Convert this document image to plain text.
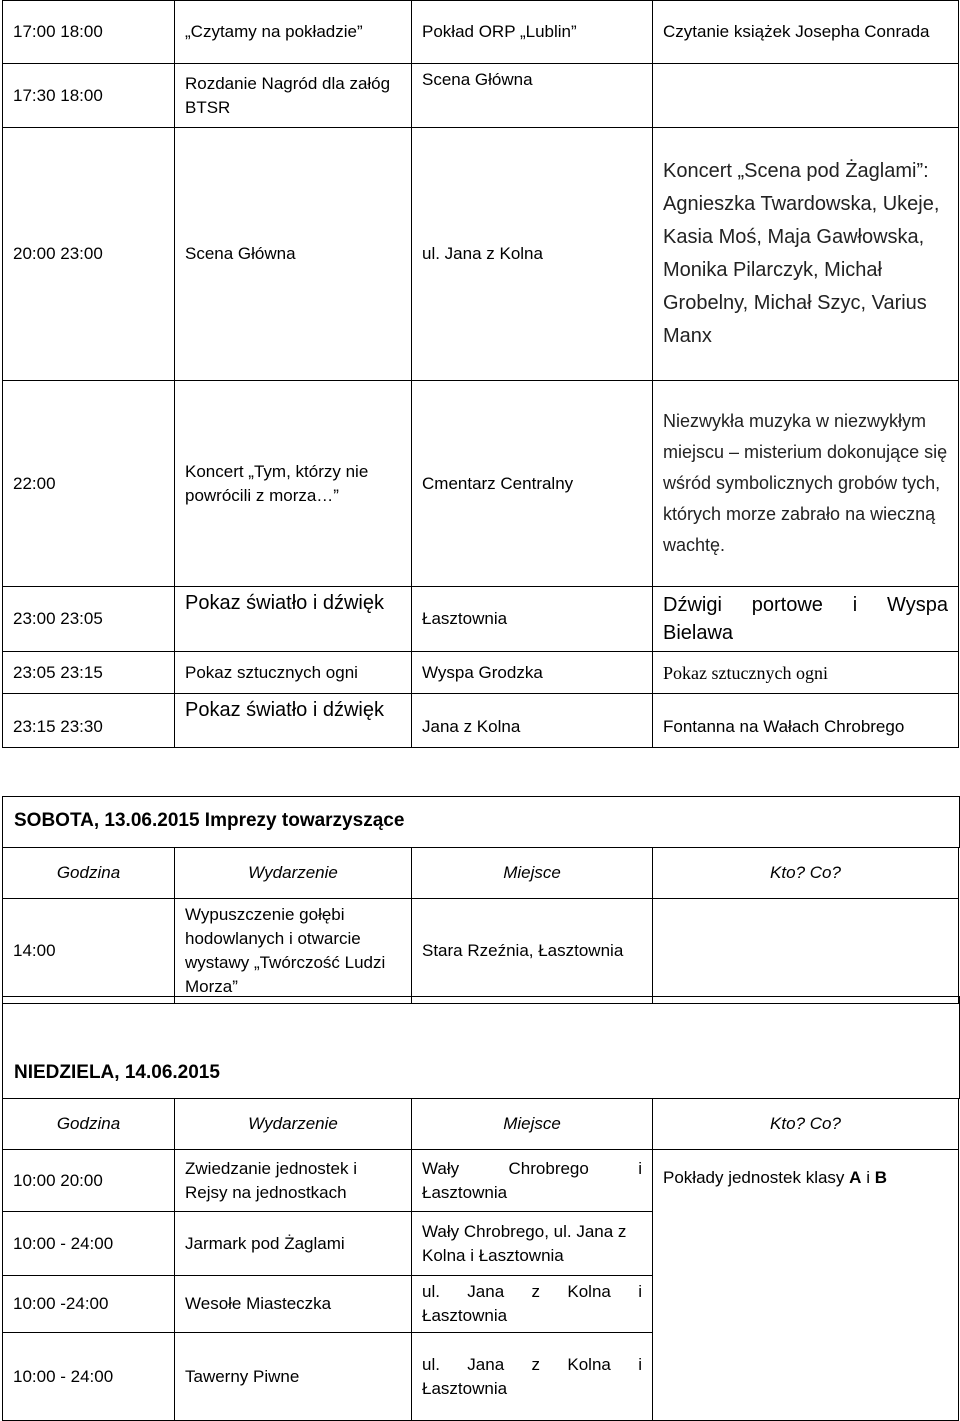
17:00 18:00	„Czytamy na pokładzie”	Pokład ORP „Lublin”	Czytanie książek Josepha Conrada
17:30 18:00	Rozdanie Nagród dla załóg BTSR	Scena Główna	
20:00 23:00	Scena Główna	ul. Jana z Kolna	Koncert „Scena pod Żaglami”: Agnieszka Twardowska, Ukeje, Kasia Moś, Maja Gawłowska, Monika Pilarczyk, Michał Grobelny, Michał Szyc, Varius Manx
22:00	Koncert „Tym, którzy nie powrócili z morza…”	Cmentarz Centralny	Niezwykła muzyka w niezwykłym miejscu – misterium dokonujące się wśród symbolicznych grobów tych, których morze zabrało na wieczną wachtę.
23:00 23:05	Pokaz światło i dźwięk	Łasztownia	Dźwigi portowe i Wyspa
Bielawa

23:05 23:15	Pokaz sztucznych ogni	Wyspa Grodzka	Pokaz sztucznych ogni
23:15 23:30	Pokaz światło i dźwięk	Jana z Kolna	Fontanna na Wałach Chrobrego
SOBOTA, 13.06.2015 Imprezy towarzyszące
Godzina	Wydarzenie	Miejsce	Kto? Co?
14:00	Wypuszczenie gołębi hodowlanych i otwarcie wystawy „Twórczość Ludzi Morza”	Stara Rzeźnia, Łasztownia	
NIEDZIELA, 14.06.2015
Godzina	Wydarzenie	Miejsce	Kto? Co?
10:00 20:00	Zwiedzanie jednostek i Rejsy na jednostkach	Wały Chrobrego i
Łasztownia	Pokłady jednostek klasy A i B
10:00 - 24:00	Jarmark pod Żaglami	Wały Chrobrego, ul. Jana z Kolna i Łasztownia	
10:00 -24:00	Wesołe Miasteczka	ul. Jana z Kolna i
Łasztownia	

10:00 - 24:00	Tawerny Piwne	ul. Jana z Kolna i
Łasztownia	
